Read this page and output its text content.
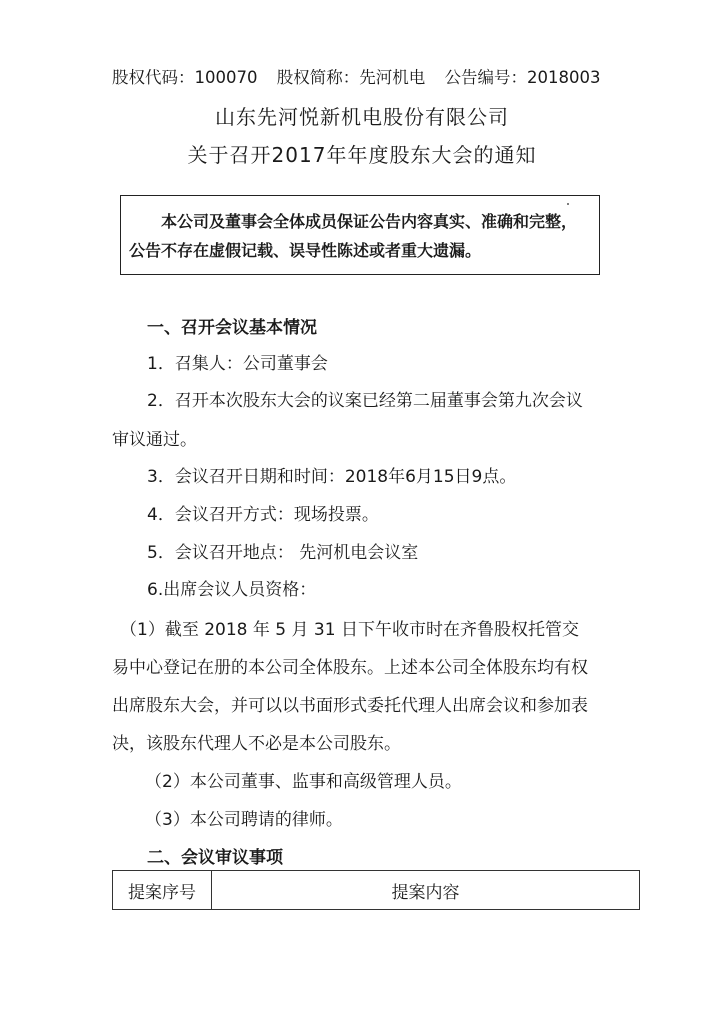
股权代码：100070 股权简称：先河机电 公告编号：2018003
山东先河悦新机电股份有限公司
关于召开2017年年度股东大会的通知
本公司及董事会全体成员保证公告内容真实、准确和完整，
公告不存在虚假记载、误导性陈述或者重大遗漏。
一、召开会议基本情况
1．召集人：公司董事会
2．召开本次股东大会的议案已经第二届董事会第九次会议
审议通过。
3．会议召开日期和时间：2018年6月15日9点。
4．会议召开方式：现场投票。
5．会议召开地点： 先河机电会议室
6.出席会议人员资格：
（1）截至 2018 年 5 月 31 日下午收市时在齐鲁股权托管交
易中心登记在册的本公司全体股东。上述本公司全体股东均有权
出席股东大会，并可以以书面形式委托代理人出席会议和参加表
决，该股东代理人不必是本公司股东。
（2）本公司董事、监事和高级管理人员。
（3）本公司聘请的律师。
二、会议审议事项
提案序号	提案内容
